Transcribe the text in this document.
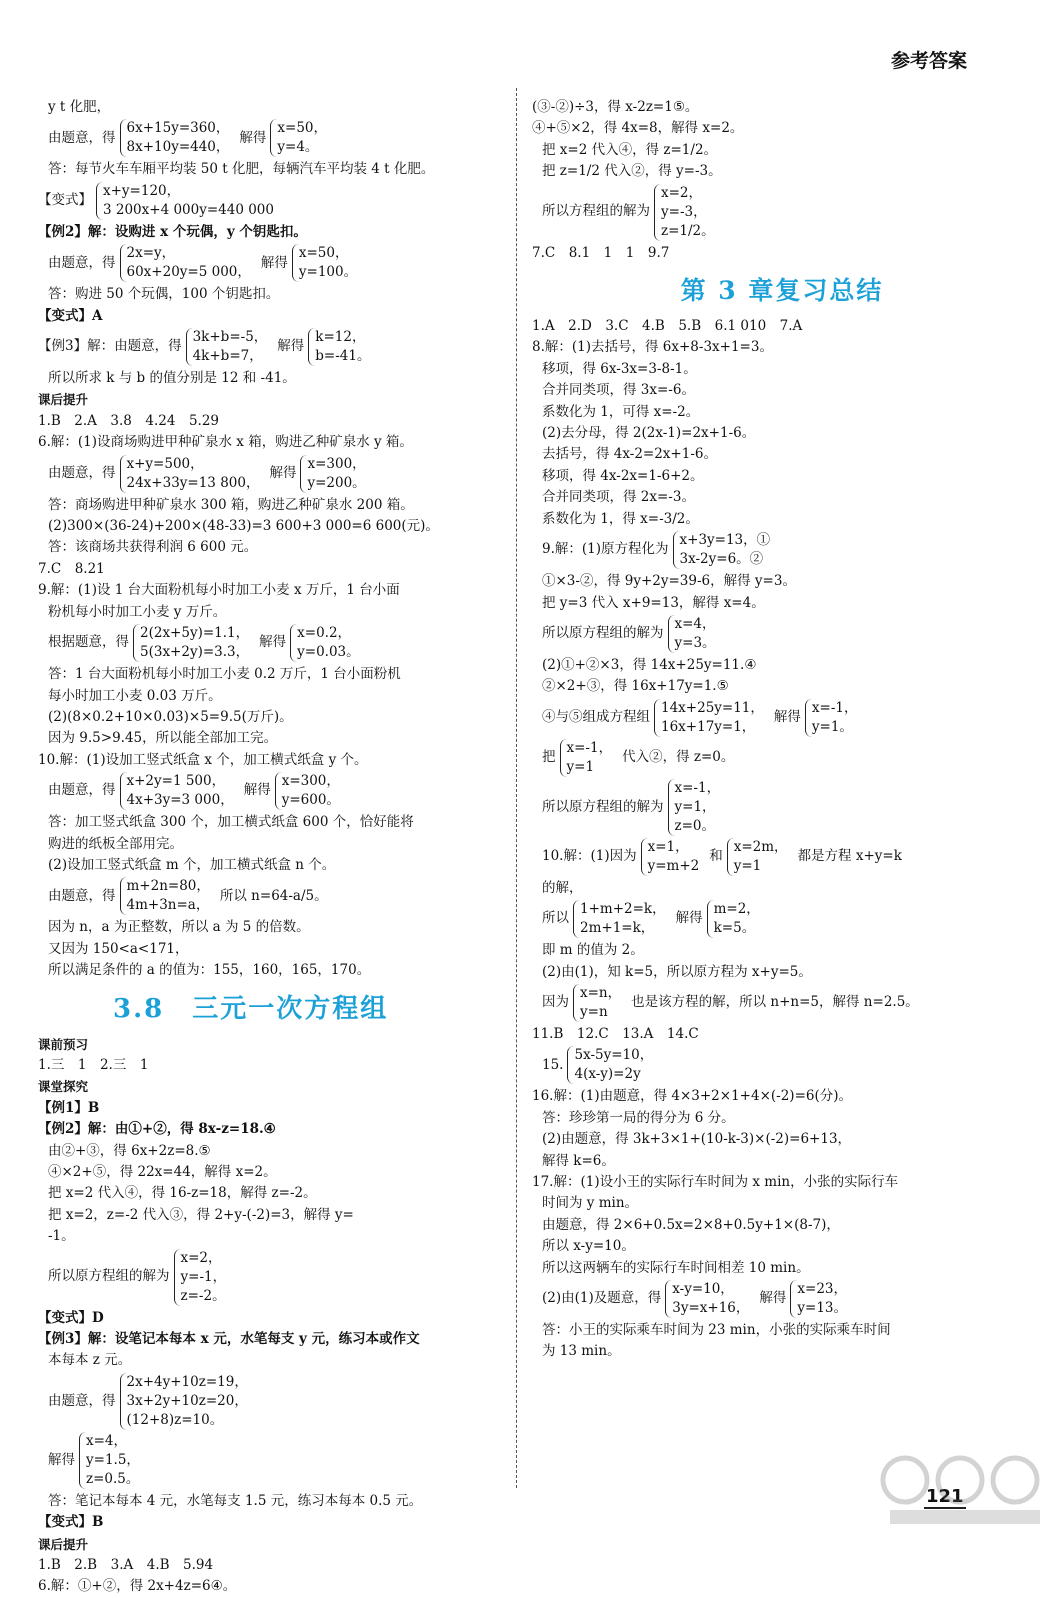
参考答案
y t 化肥，
由题意，得
6x+15y=360，
8x+10y=440，
解得
x=50，
y=4。
答：每节火车车厢平均装 50 t 化肥，每辆汽车平均装 4 t 化肥。
【变式】
x+y=120，
3 200x+4 000y=440 000
【例2】解：设购进 x 个玩偶，y 个钥匙扣。
由题意，得
2x=y，
60x+20y=5 000，
解得
x=50，
y=100。
答：购进 50 个玩偶，100 个钥匙扣。
【变式】A
【例3】解：由题意，得
3k+b=-5，
4k+b=7，
解得
k=12，
b=-41。
所以所求 k 与 b 的值分别是 12 和 -41。
课后提升
1.B　2.A　3.8　4.24　5.29
6.解：(1)设商场购进甲种矿泉水 x 箱，购进乙种矿泉水 y 箱。
由题意，得
x+y=500，
24x+33y=13 800，
解得
x=300，
y=200。
答：商场购进甲种矿泉水 300 箱，购进乙种矿泉水 200 箱。
(2)300×(36-24)+200×(48-33)=3 600+3 000=6 600(元)。
答：该商场共获得利润 6 600 元。
7.C　8.21
9.解：(1)设 1 台大面粉机每小时加工小麦 x 万斤，1 台小面
粉机每小时加工小麦 y 万斤。
根据题意，得
2(2x+5y)=1.1，
5(3x+2y)=3.3，
解得
x=0.2，
y=0.03。
答：1 台大面粉机每小时加工小麦 0.2 万斤，1 台小面粉机
每小时加工小麦 0.03 万斤。
(2)(8×0.2+10×0.03)×5=9.5(万斤)。
因为 9.5>9.45，所以能全部加工完。
10.解：(1)设加工竖式纸盒 x 个，加工横式纸盒 y 个。
由题意，得
x+2y=1 500，
4x+3y=3 000，
解得
x=300，
y=600。
答：加工竖式纸盒 300 个，加工横式纸盒 600 个，恰好能将
购进的纸板全部用完。
(2)设加工竖式纸盒 m 个，加工横式纸盒 n 个。
由题意，得
m+2n=80，
4m+3n=a，
所以 n=64-a/5。
因为 n，a 为正整数，所以 a 为 5 的倍数。
又因为 150<a<171，
所以满足条件的 a 的值为：155，160，165，170。
3.8　三元一次方程组
课前预习
1.三　1　2.三　1
课堂探究
【例1】B
【例2】解：由①+②，得 8x-z=18.④
由②+③，得 6x+2z=8.⑤
④×2+⑤，得 22x=44，解得 x=2。
把 x=2 代入④，得 16-z=18，解得 z=-2。
把 x=2，z=-2 代入③，得 2+y-(-2)=3，解得 y=
-1。
所以原方程组的解为
x=2，
y=-1，
z=-2。
【变式】D
【例3】解：设笔记本每本 x 元，水笔每支 y 元，练习本或作文
本每本 z 元。
由题意，得
2x+4y+10z=19，
3x+2y+10z=20，
(12+8)z=10。
解得
x=4，
y=1.5，
z=0.5。
答：笔记本每本 4 元，水笔每支 1.5 元，练习本每本 0.5 元。
【变式】B
课后提升
1.B　2.B　3.A　4.B　5.94
6.解：①+②，得 2x+4z=6④。
(③-②)÷3，得 x-2z=1⑤。
④+⑤×2，得 4x=8，解得 x=2。
把 x=2 代入④，得 z=1/2。
把 z=1/2 代入②，得 y=-3。
所以方程组的解为
x=2，
y=-3，
z=1/2。
7.C　8.1　1　1　9.7
第 3 章复习总结
1.A　2.D　3.C　4.B　5.B　6.1 010　7.A
8.解：(1)去括号，得 6x+8-3x+1=3。
移项，得 6x-3x=3-8-1。
合并同类项，得 3x=-6。
系数化为 1，可得 x=-2。
(2)去分母，得 2(2x-1)=2x+1-6。
去括号，得 4x-2=2x+1-6。
移项，得 4x-2x=1-6+2。
合并同类项，得 2x=-3。
系数化为 1，得 x=-3/2。
9.解：(1)原方程化为
x+3y=13，①
3x-2y=6。②
①×3-②，得 9y+2y=39-6，解得 y=3。
把 y=3 代入 x+9=13，解得 x=4。
所以原方程组的解为
x=4，
y=3。
(2)①+②×3，得 14x+25y=11.④
②×2+③，得 16x+17y=1.⑤
④与⑤组成方程组
14x+25y=11，
16x+17y=1，
解得
x=-1，
y=1。
把
x=-1，
y=1
代入②，得 z=0。
所以原方程组的解为
x=-1，
y=1，
z=0。
10.解：(1)因为
x=1，
y=m+2
和
x=2m，
y=1
都是方程 x+y=k
的解，
所以
1+m+2=k，
2m+1=k，
解得
m=2，
k=5。
即 m 的值为 2。
(2)由(1)，知 k=5，所以原方程为 x+y=5。
因为
x=n，
y=n
也是该方程的解，所以 n+n=5，解得 n=2.5。
11.B　12.C　13.A　14.C
15.
5x-5y=10，
4(x-y)=2y
16.解：(1)由题意，得 4×3+2×1+4×(-2)=6(分)。
答：珍珍第一局的得分为 6 分。
(2)由题意，得 3k+3×1+(10-k-3)×(-2)=6+13，
解得 k=6。
17.解：(1)设小王的实际行车时间为 x min，小张的实际行车
时间为 y min。
由题意，得 2×6+0.5x=2×8+0.5y+1×(8-7)，
所以 x-y=10。
所以这两辆车的实际行车时间相差 10 min。
(2)由(1)及题意，得
x-y=10，
3y=x+16，
解得
x=23，
y=13。
答：小王的实际乘车时间为 23 min，小张的实际乘车时间
为 13 min。
121
